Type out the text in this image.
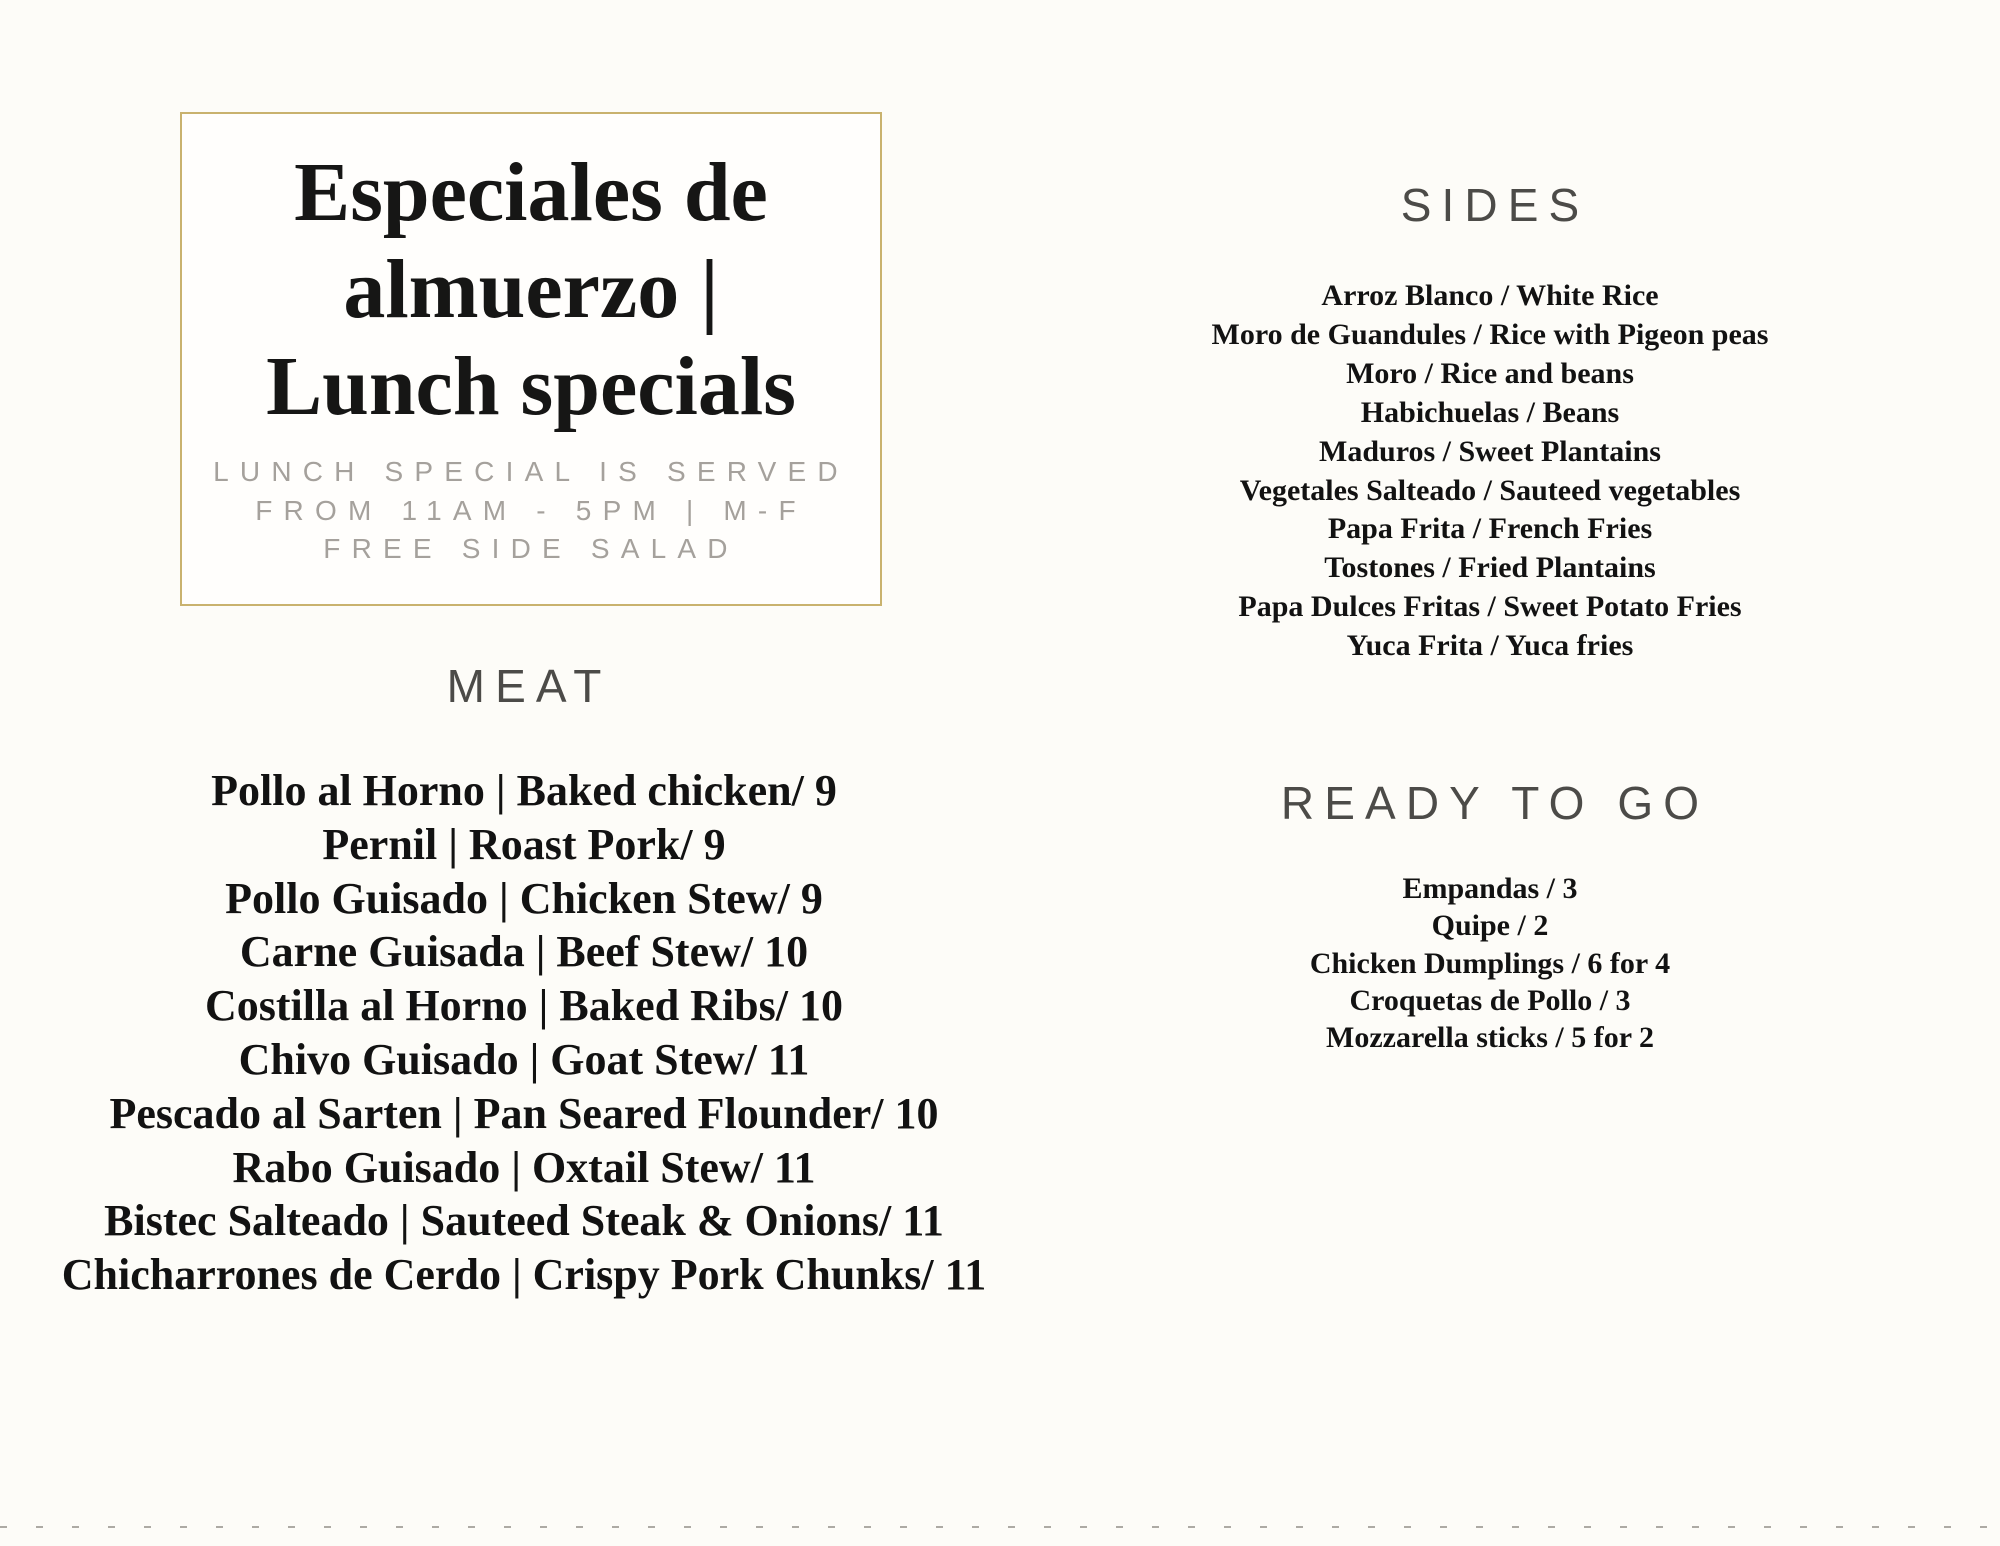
Especiales de
almuerzo |
Lunch specials
LUNCH SPECIAL IS SERVED
FROM 11AM - 5PM | M-F
FREE SIDE SALAD
MEAT
Pollo al Horno | Baked chicken/ 9
Pernil | Roast Pork/ 9
Pollo Guisado | Chicken Stew/ 9
Carne Guisada | Beef Stew/ 10
Costilla al Horno | Baked Ribs/ 10
Chivo Guisado | Goat Stew/ 11
Pescado al Sarten | Pan Seared Flounder/ 10
Rabo Guisado | Oxtail Stew/ 11
Bistec Salteado | Sauteed Steak & Onions/ 11
Chicharrones de Cerdo | Crispy Pork Chunks/ 11
SIDES
Arroz Blanco / White Rice
Moro de Guandules / Rice with Pigeon peas
Moro / Rice and beans
Habichuelas / Beans
Maduros / Sweet Plantains
Vegetales Salteado / Sauteed vegetables
Papa Frita / French Fries
Tostones / Fried Plantains
Papa Dulces Fritas / Sweet Potato Fries
Yuca Frita / Yuca fries
READY TO GO
Empandas / 3
Quipe / 2
Chicken Dumplings / 6 for 4
Croquetas de Pollo / 3
Mozzarella sticks / 5 for 2
